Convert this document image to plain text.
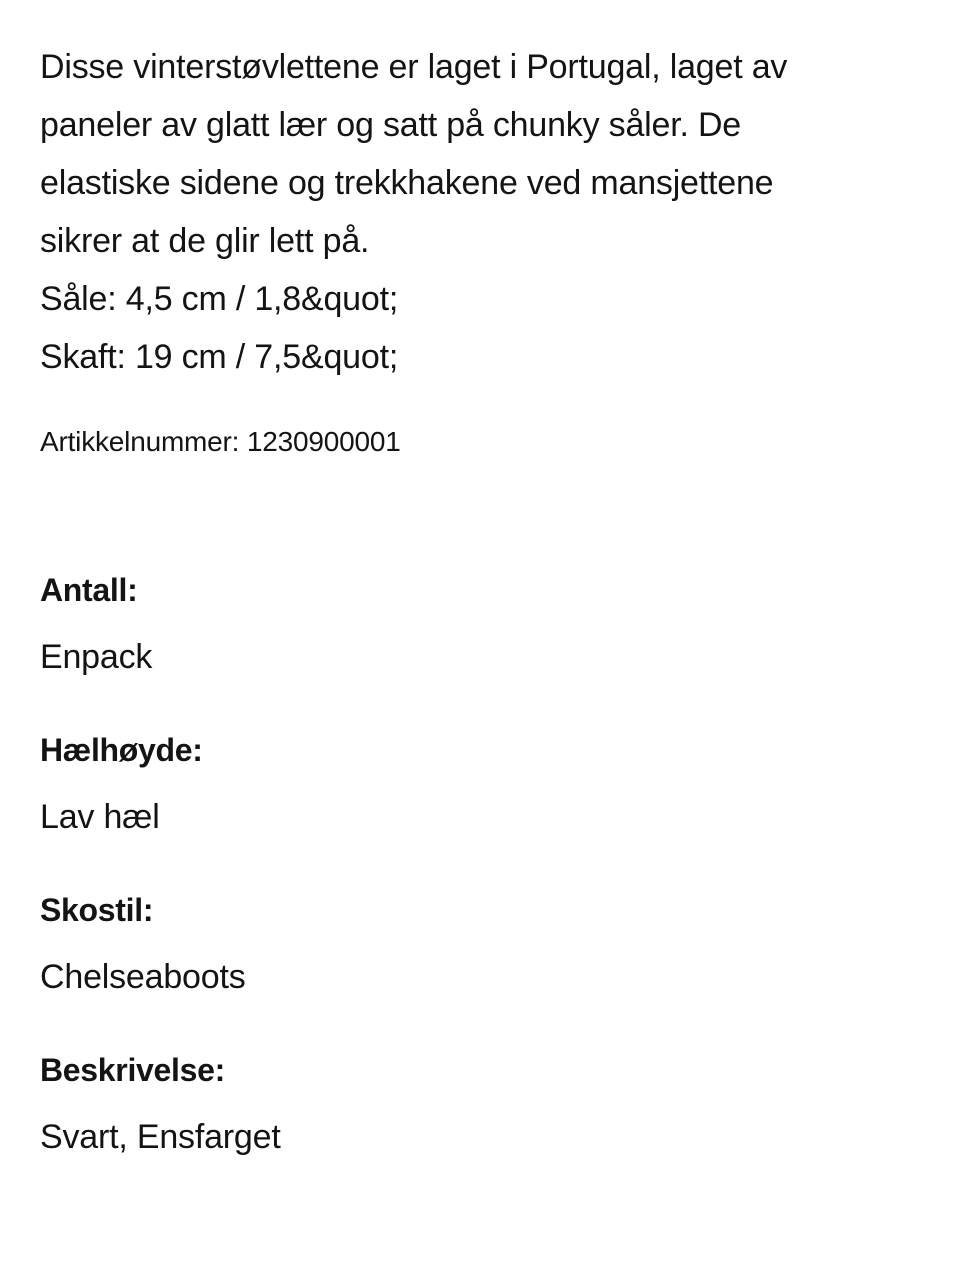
Disse vinterstøvlettene er laget i Portugal, laget av
paneler av glatt lær og satt på chunky såler. De
elastiske sidene og trekkhakene ved mansjettene
sikrer at de glir lett på.
Såle: 4,5 cm / 1,8&quot;
Skaft: 19 cm / 7,5&quot;
Artikkelnummer: 1230900001
Antall:
Enpack
Hælhøyde:
Lav hæl
Skostil:
Chelseaboots
Beskrivelse:
Svart, Ensfarget
